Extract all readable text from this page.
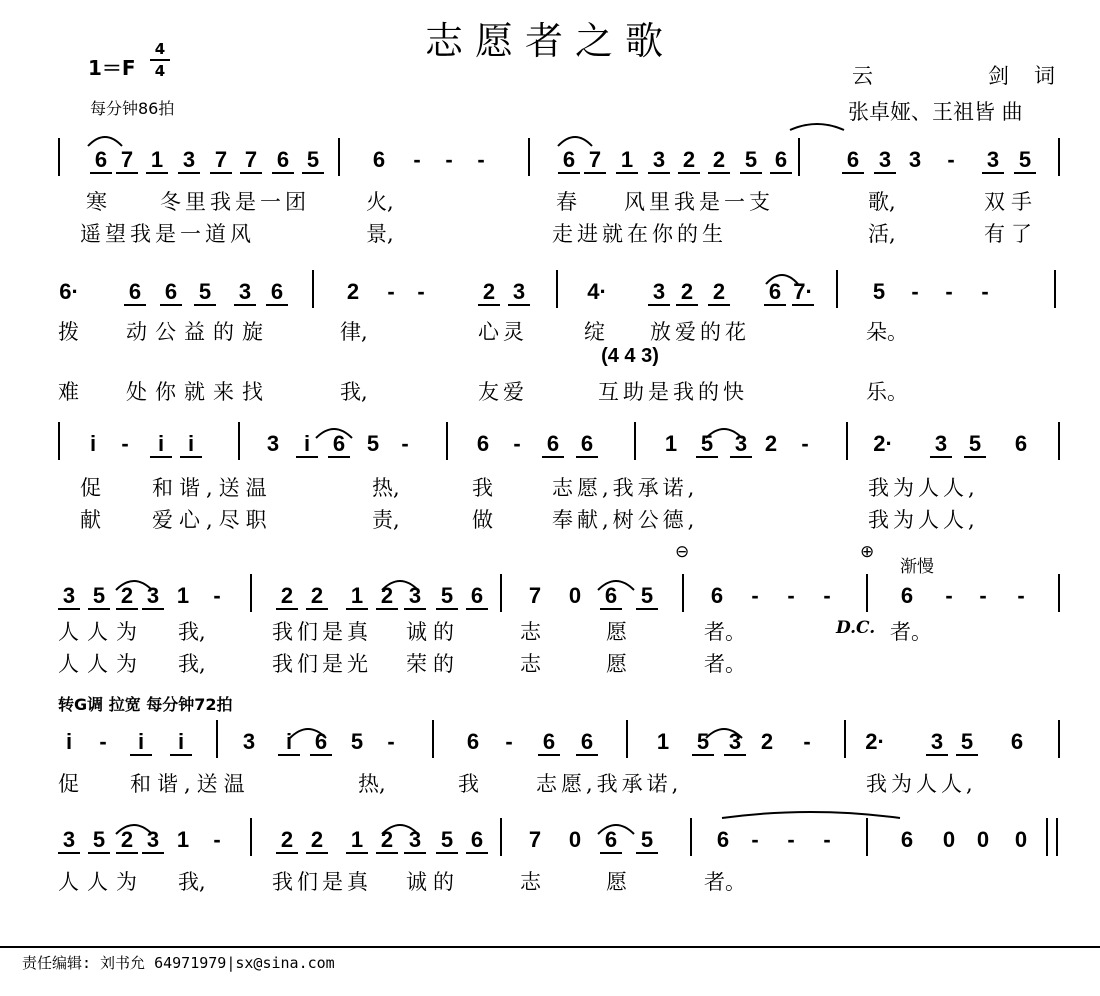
志愿者之歌
1＝F
4
4
每分钟86拍
云	剑 词
张卓娅、王祖皆 曲
6 7 1 3 7 7 6 5 6	-	-	-	6 7 1 3 2 2 5 6	6 3 3	-	3 5
6· 6 6 5 3 6	2	-	-	2 3	4· 3 2 2 6 7·	5	-	-	-
i	-	i	i	3	i	6 5	-	6	-	6 6	1 5 3 2	-	2· 3 5 6
3 5 2 3 1	-	2 2 1 2 3 5 6 7 0 6 5	6	-	-	-	6	-	-	-
i	-	i	i	3	i	6 5	-	6	-	6 6	1 5 3 2	-	2· 3 5 6
3 5 2 3 1	-	2 2 1 2 3 5 6 7 0 6 5	6	-	-	-	6 0 0 0
寒	冬里我是一团	火,	春 风里我是一支	歌,	双手
遥望我是一道风	景,	走进就在你的生	活,	有了
拨 动公益的旋	律,	心灵	绽 放爱的花	朵。
(4 4 3)
难 处你就来找	我,	友爱	互助是我的快	乐。
促 和谐,送温	热,	我	志愿,我承诺,	我为人人,
献 爱心,尽职	责,	做	奉献,树公德,	我为人人,
⊖	⊕
渐慢
人人为 我,	我们是真 诚的	志	愿	者。	D.C. 者。
人人为 我,	我们是光 荣的	志	愿	者。
转G调 拉宽 每分钟72拍
促 和谐,送温	热,	我	志愿,我承诺,	我为人人,
人人为 我,	我们是真 诚的	志	愿	者。
责任编辑: 刘书允 64971979|sx@sina.com
